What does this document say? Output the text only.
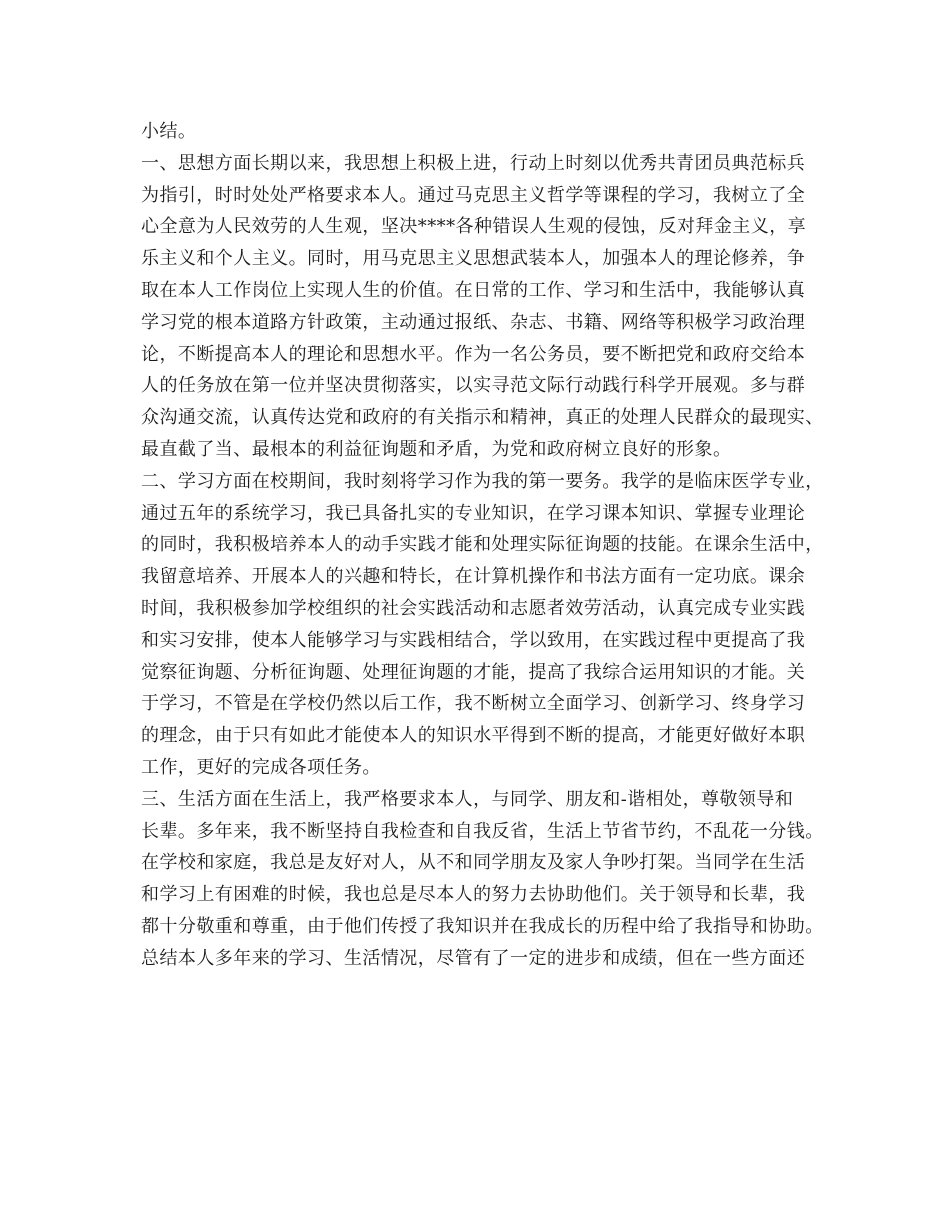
小结。
一、思想方面长期以来，我思想上积极上进，行动上时刻以优秀共青团员典范标兵
为指引，时时处处严格要求本人。通过马克思主义哲学等课程的学习，我树立了全
心全意为人民效劳的人生观，坚决****各种错误人生观的侵蚀，反对拜金主义，享
乐主义和个人主义。同时，用马克思主义思想武装本人，加强本人的理论修养，争
取在本人工作岗位上实现人生的价值。在日常的工作、学习和生活中，我能够认真
学习党的根本道路方针政策，主动通过报纸、杂志、书籍、网络等积极学习政治理
论，不断提高本人的理论和思想水平。作为一名公务员，要不断把党和政府交给本
人的任务放在第一位并坚决贯彻落实，以实寻范文际行动践行科学开展观。多与群
众沟通交流，认真传达党和政府的有关指示和精神，真正的处理人民群众的最现实、
最直截了当、最根本的利益征询题和矛盾，为党和政府树立良好的形象。
二、学习方面在校期间，我时刻将学习作为我的第一要务。我学的是临床医学专业，
通过五年的系统学习，我已具备扎实的专业知识，在学习课本知识、掌握专业理论
的同时，我积极培养本人的动手实践才能和处理实际征询题的技能。在课余生活中，
我留意培养、开展本人的兴趣和特长，在计算机操作和书法方面有一定功底。课余
时间，我积极参加学校组织的社会实践活动和志愿者效劳活动，认真完成专业实践
和实习安排，使本人能够学习与实践相结合，学以致用，在实践过程中更提高了我
觉察征询题、分析征询题、处理征询题的才能，提高了我综合运用知识的才能。关
于学习，不管是在学校仍然以后工作，我不断树立全面学习、创新学习、终身学习
的理念，由于只有如此才能使本人的知识水平得到不断的提高，才能更好做好本职
工作，更好的完成各项任务。
三、生活方面在生活上，我严格要求本人，与同学、朋友和-谐相处，尊敬领导和
长辈。多年来，我不断坚持自我检查和自我反省，生活上节省节约，不乱花一分钱。
在学校和家庭，我总是友好对人，从不和同学朋友及家人争吵打架。当同学在生活
和学习上有困难的时候，我也总是尽本人的努力去协助他们。关于领导和长辈，我
都十分敬重和尊重，由于他们传授了我知识并在我成长的历程中给了我指导和协助。
总结本人多年来的学习、生活情况，尽管有了一定的进步和成绩，但在一些方面还
